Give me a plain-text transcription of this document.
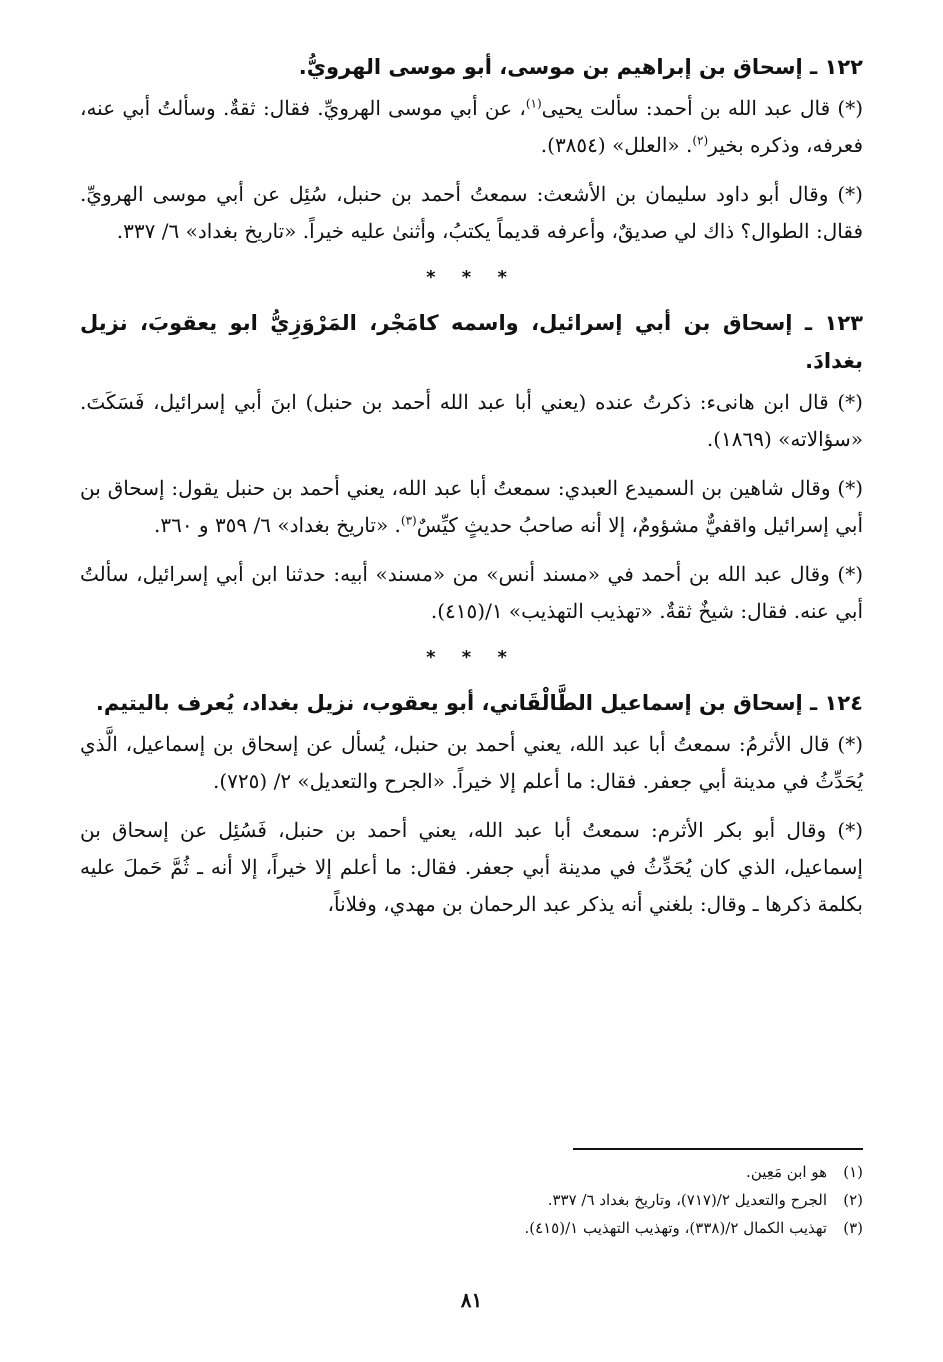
١٢٢ ـ إسحاق بن إبراهيم بن موسى، أبو موسى الهرويُّ.

(*) قال عبد الله بن أحمد: سألت يحيى$^{(١)}$، عن أبي موسى الهرويِّ. فقال: ثقةٌ. وسألتُ أبي عنه، فعرفه، وذكره بخير$^{(٢)}$. «العلل» (٣٨٥٤).

(*) وقال أبو داود سليمان بن الأشعث: سمعتُ أحمد بن حنبل، سُئِل عن أبي موسى الهرويِّ. فقال: الطوال؟ ذاك لي صديقٌ، وأعرفه قديماً يكتبُ، وأثنىٰ عليه خيراً. «تاريخ بغداد» ٦/ ٣٣٧.

* * *
١٢٣ ـ إسحاق بن أبي إسرائيل، واسمه كامَجْر، المَرْوَزِيُّ ابو يعقوبَ، نزيل بغدادَ.

(*) قال ابن هانىء: ذكرتُ عنده (يعني أبا عبد الله أحمد بن حنبل) ابنَ أبي إسرائيل، فَسَكَتَ. «سؤالاته» (١٨٦٩).

(*) وقال شاهين بن السميدع العبدي: سمعتُ أبا عبد الله، يعني أحمد بن حنبل يقول: إسحاق بن أبي إسرائيل واقفيٌّ مشؤومٌ، إلا أنه صاحبُ حديثٍ كيِّسٌ$^{(٣)}$. «تاريخ بغداد» ٦/ ٣٥٩ و ٣٦٠.

(*) وقال عبد الله بن أحمد في «مسند أنس» من «مسند» أبيه: حدثنا ابن أبي إسرائيل، سألتُ أبي عنه. فقال: شيخٌ ثقةٌ. «تهذيب التهذيب» ١/(٤١٥).

* * *
١٢٤ ـ إسحاق بن إسماعيل الطَّالْقَاني، أبو يعقوب، نزيل بغداد، يُعرف باليتيم.

(*) قال الأثرمُ: سمعتُ أبا عبد الله، يعني أحمد بن حنبل، يُسأل عن إسحاق بن إسماعيل، الَّذي يُحَدِّثُ في مدينة أبي جعفر. فقال: ما أعلم إلا خيراً. «الجرح والتعديل» ٢/ (٧٢٥).

(*) وقال أبو بكر الأثرم: سمعتُ أبا عبد الله، يعني أحمد بن حنبل، فَسُئِل عن إسحاق بن إسماعيل، الذي كان يُحَدِّثُ في مدينة أبي جعفر. فقال: ما أعلم إلا خيراً، إلا أنه ـ ثُمَّ حَملَ عليه بكلمة ذكرها ـ وقال: بلغني أنه يذكر عبد الرحمان بن مهدي، وفلاناً،

(١)
هو ابن مَعِين.
(٢)
الجرح والتعديل ٢/(٧١٧)، وتاريخ بغداد ٦/ ٣٣٧.
(٣)
تهذيب الكمال ٢/(٣٣٨)، وتهذيب التهذيب ١/(٤١٥).
٨١
